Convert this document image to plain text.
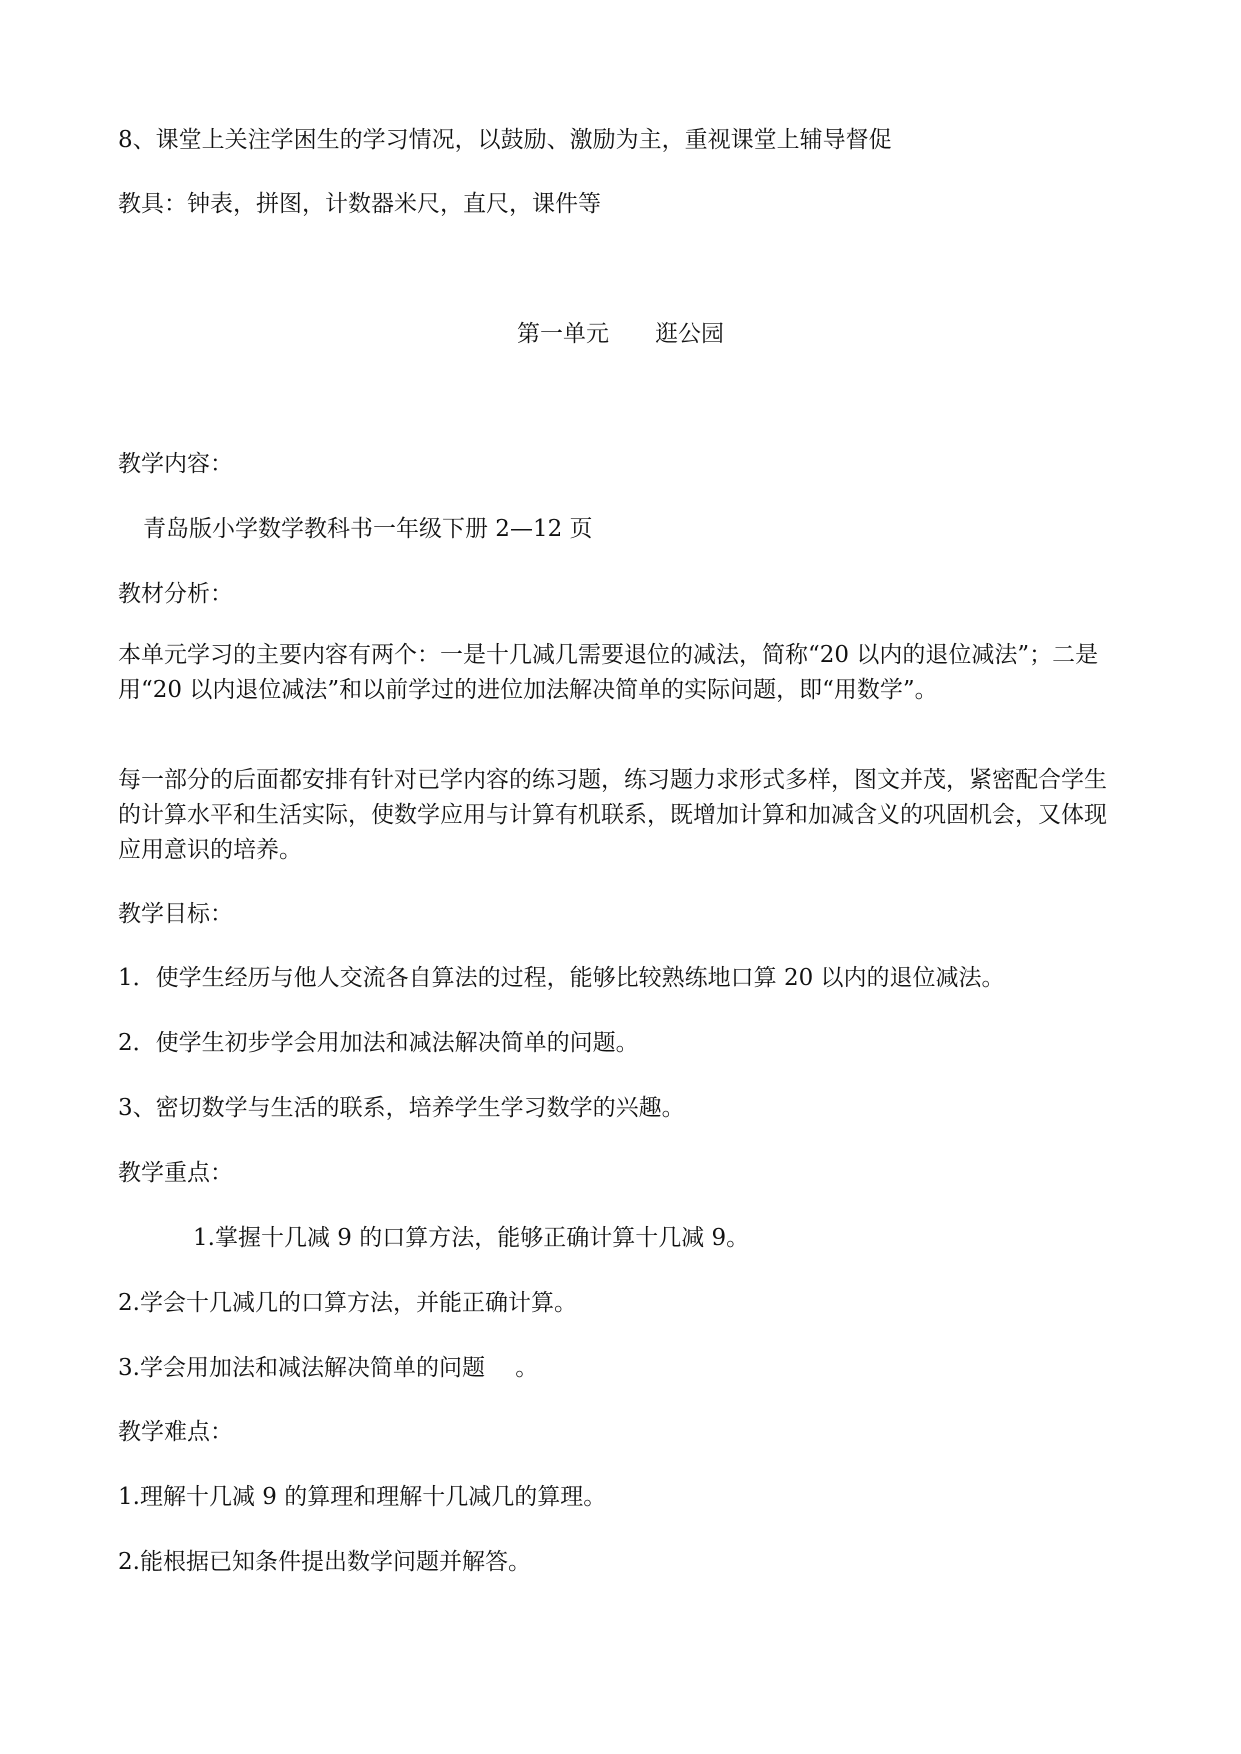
8、课堂上关注学困生的学习情况，以鼓励、激励为主，重视课堂上辅导督促
教具：钟表，拼图，计数器米尺，直尺，课件等
第一单元　　逛公园
教学内容：
青岛版小学数学教科书一年级下册 2—12 页
教材分析：
本单元学习的主要内容有两个：一是十几减几需要退位的减法，简称“20 以内的退位减法”；二是用“20 以内退位减法”和以前学过的进位加法解决简单的实际问题，即“用数学”。
每一部分的后面都安排有针对已学内容的练习题，练习题力求形式多样，图文并茂，紧密配合学生的计算水平和生活实际，使数学应用与计算有机联系，既增加计算和加减含义的巩固机会，又体现应用意识的培养。
教学目标：
1．使学生经历与他人交流各自算法的过程，能够比较熟练地口算 20 以内的退位减法。
2．使学生初步学会用加法和减法解决简单的问题。
3、密切数学与生活的联系，培养学生学习数学的兴趣。
教学重点：
1.掌握十几减 9 的口算方法，能够正确计算十几减 9。
2.学会十几减几的口算方法，并能正确计算。
3.学会用加法和减法解决简单的问题　 。
教学难点：
1.理解十几减 9 的算理和理解十几减几的算理。
2.能根据已知条件提出数学问题并解答。
